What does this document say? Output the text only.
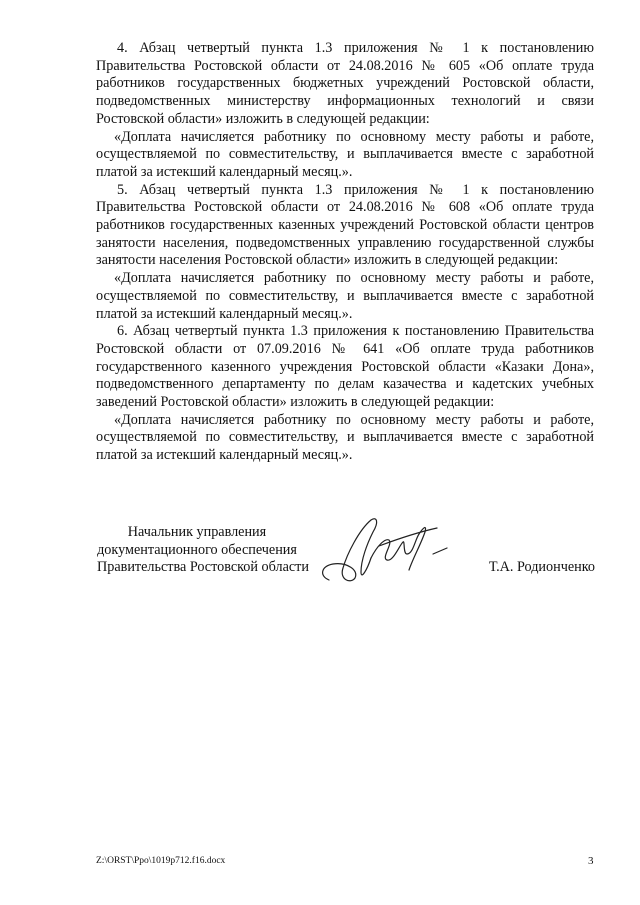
4. Абзац четвертый пункта 1.3 приложения № 1 к постановлению Правительства Ростовской области от 24.08.2016 № 605 «Об оплате труда работников государственных бюджетных учреждений Ростовской области, подведомственных министерству информационных технологий и связи Ростовской области» изложить в следующей редакции:

«Доплата начисляется работнику по основному месту работы и работе, осуществляемой по совместительству, и выплачивается вместе с заработной платой за истекший календарный месяц.».

5. Абзац четвертый пункта 1.3 приложения № 1 к постановлению Правительства Ростовской области от 24.08.2016 № 608 «Об оплате труда работников государственных казенных учреждений Ростовской области центров занятости населения, подведомственных управлению государственной службы занятости населения Ростовской области» изложить в следующей редакции:

«Доплата начисляется работнику по основному месту работы и работе, осуществляемой по совместительству, и выплачивается вместе с заработной платой за истекший календарный месяц.».

6. Абзац четвертый пункта 1.3 приложения к постановлению Правительства Ростовской области от 07.09.2016 № 641 «Об оплате труда работников государственного казенного учреждения Ростовской области «Казаки Дона», подведомственного департаменту по делам казачества и кадетских учебных заведений Ростовской области» изложить в следующей редакции:

«Доплата начисляется работнику по основному месту работы и работе, осуществляемой по совместительству, и выплачивается вместе с заработной платой за истекший календарный месяц.».

Начальник управления
документационного обеспечения
Правительства Ростовской области	Т.А. Родионченко
Z:\ORST\Ppo\1019p712.f16.docx	3
